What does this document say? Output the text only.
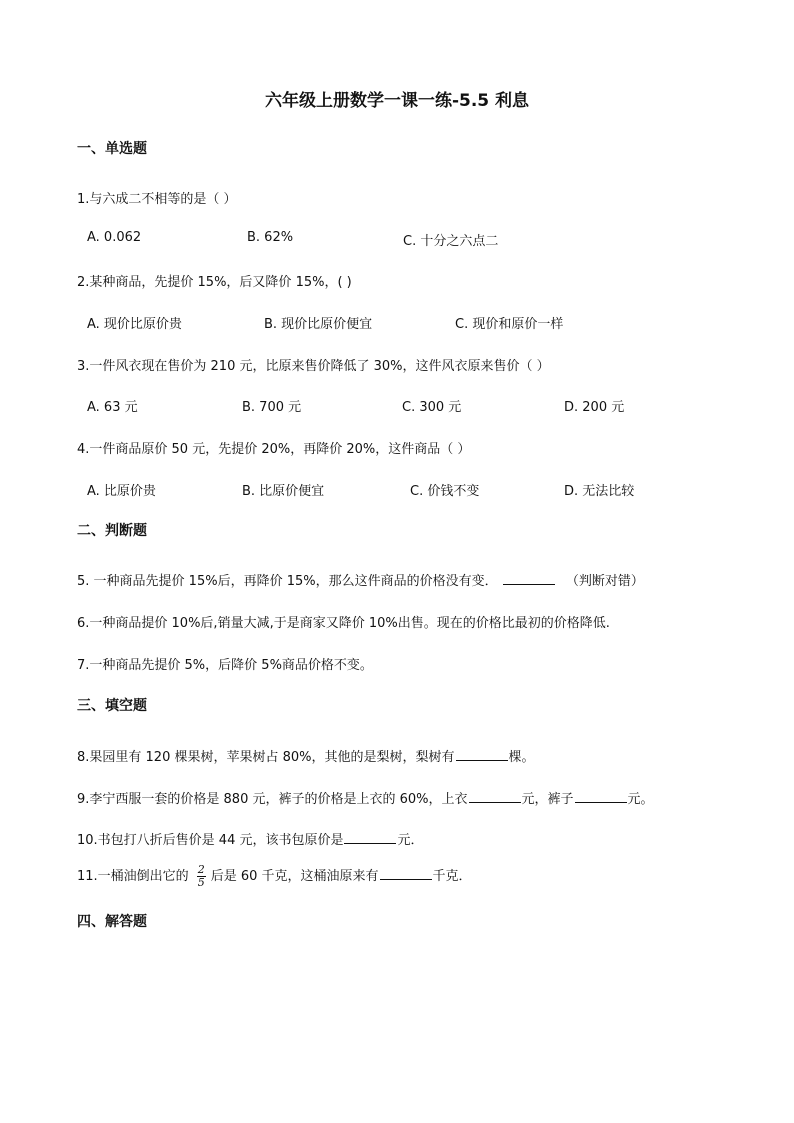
六年级上册数学一课一练-5.5 利息
一、单选题
1.与六成二不相等的是（ ）
A. 0.062	B. 62%	C. 十分之六点二
2.某种商品，先提价 15%，后又降价 15%，( )
A. 现价比原价贵	B. 现价比原价便宜	C. 现价和原价一样
3.一件风衣现在售价为 210 元，比原来售价降低了 30%，这件风衣原来售价（ ）
A. 63 元	B. 700 元	C. 300 元	D. 200 元
4.一件商品原价 50 元，先提价 20%，再降价 20%，这件商品（ ）
A. 比原价贵	B. 比原价便宜	C. 价钱不变	D. 无法比较
二、判断题
5. 一种商品先提价 15%后，再降价 15%，那么这件商品的价格没有变．	（判断对错）
6.一种商品提价 10%后,销量大减,于是商家又降价 10%出售。现在的价格比最初的价格降低.
7.一种商品先提价 5%，后降价 5%商品价格不变。
三、填空题
8.果园里有 120 棵果树，苹果树占 80%，其他的是梨树，梨树有	棵。
9.李宁西服一套的价格是 880 元，裤子的价格是上衣的 60%，上衣	元，裤子	元。
10.书包打八折后售价是 44 元，该书包原价是	元．
11.一桶油倒出它的 $\frac{2}{5}$ 后是 60 千克，这桶油原来有	千克．
四、解答题
